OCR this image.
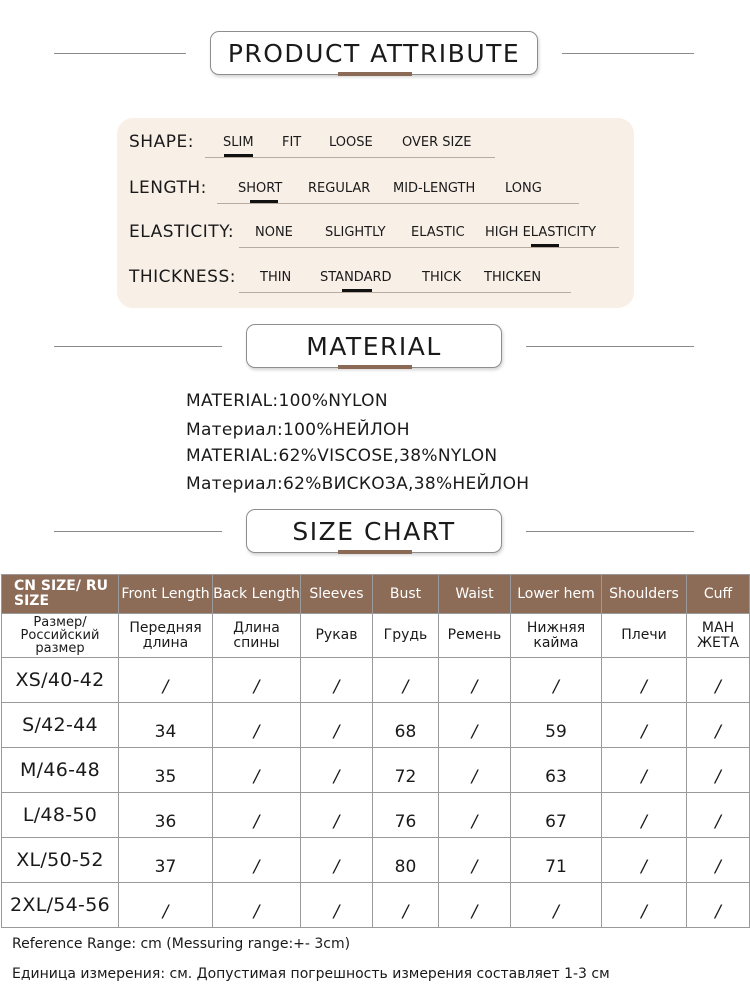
PRODUCT ATTRIBUTE
SHAPE: SLIM FIT LOOSE OVER SIZE
LENGTH: SHORT REGULAR MID-LENGTH LONG
ELASTICITY: NONE SLIGHTLY ELASTIC HIGH ELASTICITY
THICKNESS: THIN STANDARD THICK THICKEN
MATERIAL
MATERIAL:100%NYLON
Материал:100%НЕЙЛОН
MATERIAL:62%VISCOSE,38%NYLON
Материал:62%ВИСКОЗА,38%НЕЙЛОН
SIZE CHART
CN SIZE/ RU SIZE	Front Length	Back Length	Sleeves	Bust	Waist	Lower hem	Shoulders	Cuff
Размер/ Российский размер	Передняя длина	Длина спины	Рукав	Грудь	Ремень	Нижняя кайма	Плечи	МАН ЖЕТА
XS/40-42	/	/	/	/	/	/	/	/
S/42-44	34	/	/	68	/	59	/	/
M/46-48	35	/	/	72	/	63	/	/
L/48-50	36	/	/	76	/	67	/	/
XL/50-52	37	/	/	80	/	71	/	/
2XL/54-56	/	/	/	/	/	/	/	/
Reference Range: cm (Messuring range:+- 3cm)
Единица измерения: см. Допустимая погрешность измерения составляет 1-3 см
